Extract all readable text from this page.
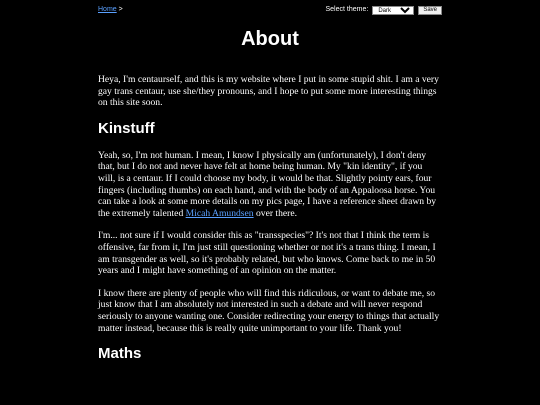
Home >	Select theme:
Dark	Save
About

Heya, I'm centaurself, and this is my website where I put in some stupid shit. I am a very gay trans centaur, use she/they pronouns, and I hope to put some more interesting things on this site soon.

Kinstuff

Yeah, so, I'm not human. I mean, I know I physically am (unfortunately), I don't deny that, but I do not and never have felt at home being human. My "kin identity", if you will, is a centaur. If I could choose my body, it would be that. Slightly pointy ears, four fingers (including thumbs) on each hand, and with the body of an Appaloosa horse. You can take a look at some more details on my pics page, I have a reference sheet drawn by the extremely talented Micah Amundsen over there.

I'm... not sure if I would consider this as "transspecies"? It's not that I think the term is offensive, far from it, I'm just still questioning whether or not it's a trans thing. I mean, I am transgender as well, so it's probably related, but who knows. Come back to me in 50 years and I might have something of an opinion on the matter.

I know there are plenty of people who will find this ridiculous, or want to debate me, so just know that I am absolutely not interested in such a debate and will never respond seriously to anyone wanting one. Consider redirecting your energy to things that actually matter instead, because this is really quite unimportant to your life. Thank you!

Maths
